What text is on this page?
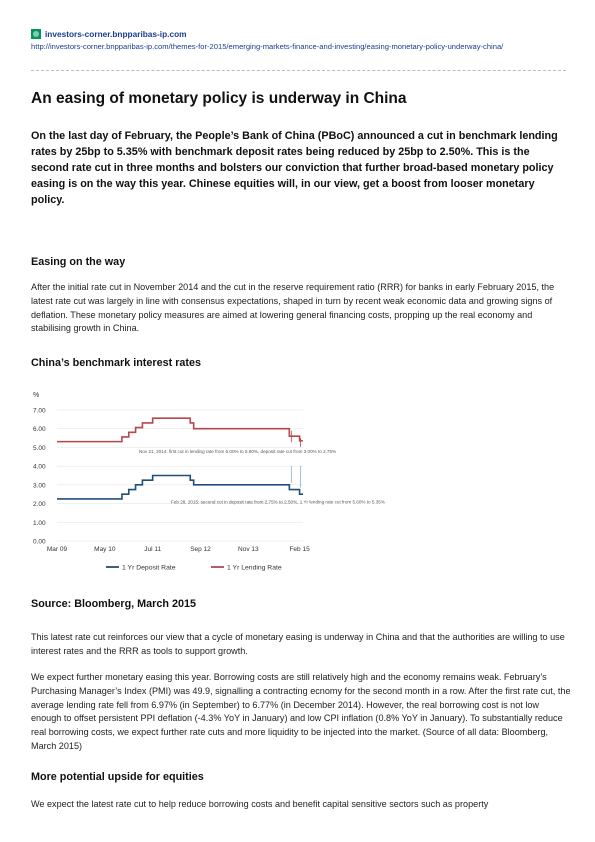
investors-corner.bnpparibas-ip.com
http://investors-corner.bnpparibas-ip.com/themes-for-2015/emerging-markets-finance-and-investing/easing-monetary-policy-underway-china/
An easing of monetary policy is underway in China

On the last day of February, the People’s Bank of China (PBoC) announced a cut in benchmark lending rates by 25bp to 5.35% with benchmark deposit rates being reduced by 25bp to 2.50%. This is the second rate cut in three months and bolsters our conviction that further broad-based monetary policy easing is on the way this year. Chinese equities will, in our view, get a boost from looser monetary policy.

Easing on the way

After the initial rate cut in November 2014 and the cut in the reserve requirement ratio (RRR) for banks in early February 2015, the latest rate cut was largely in line with consensus expectations, shaped in turn by recent weak economic data and growing signs of deflation. These monetary policy measures are aimed at lowering general financing costs, propping up the real economy and stabilising growth in China.

China’s benchmark interest rates
%
7.00
6.00
5.00
4.00
3.00
2.00
1.00
0.00
Mar 09	May 10	Jul 11	Sep 12	Nov 13	Feb 15
Nov 21, 2014: first cut in lending rate from 6.00% to 5.60%, deposit rate cut from 3.00% to 2.75%
Feb 28, 2015: second cut in deposit rate from 2.75% to 2.50%, 1 Yr lending rate cut from 5.60% to 5.35%
1 Yr Deposit Rate	1 Yr Lending Rate
Source: Bloomberg, March 2015

This latest rate cut reinforces our view that a cycle of monetary easing is underway in China and that the authorities are willing to use interest rates and the RRR as tools to support growth.

We expect further monetary easing this year. Borrowing costs are still relatively high and the economy remains weak. February’s Purchasing Manager’s Index (PMI) was 49.9, signalling a contracting ecnomy for the second month in a row. After the first rate cut, the average lending rate fell from 6.97% (in September) to 6.77% (in December 2014). However, the real borrowing cost is not low enough to offset persistent PPI deflation (-4.3% YoY in January) and low CPI inflation (0.8% YoY in January). To substantially reduce real borrowing costs, we expect further rate cuts and more liquidity to be injected into the market. (Source of all data: Bloomberg, March 2015)

More potential upside for equities

We expect the latest rate cut to help reduce borrowing costs and benefit capital sensitive sectors such as property
